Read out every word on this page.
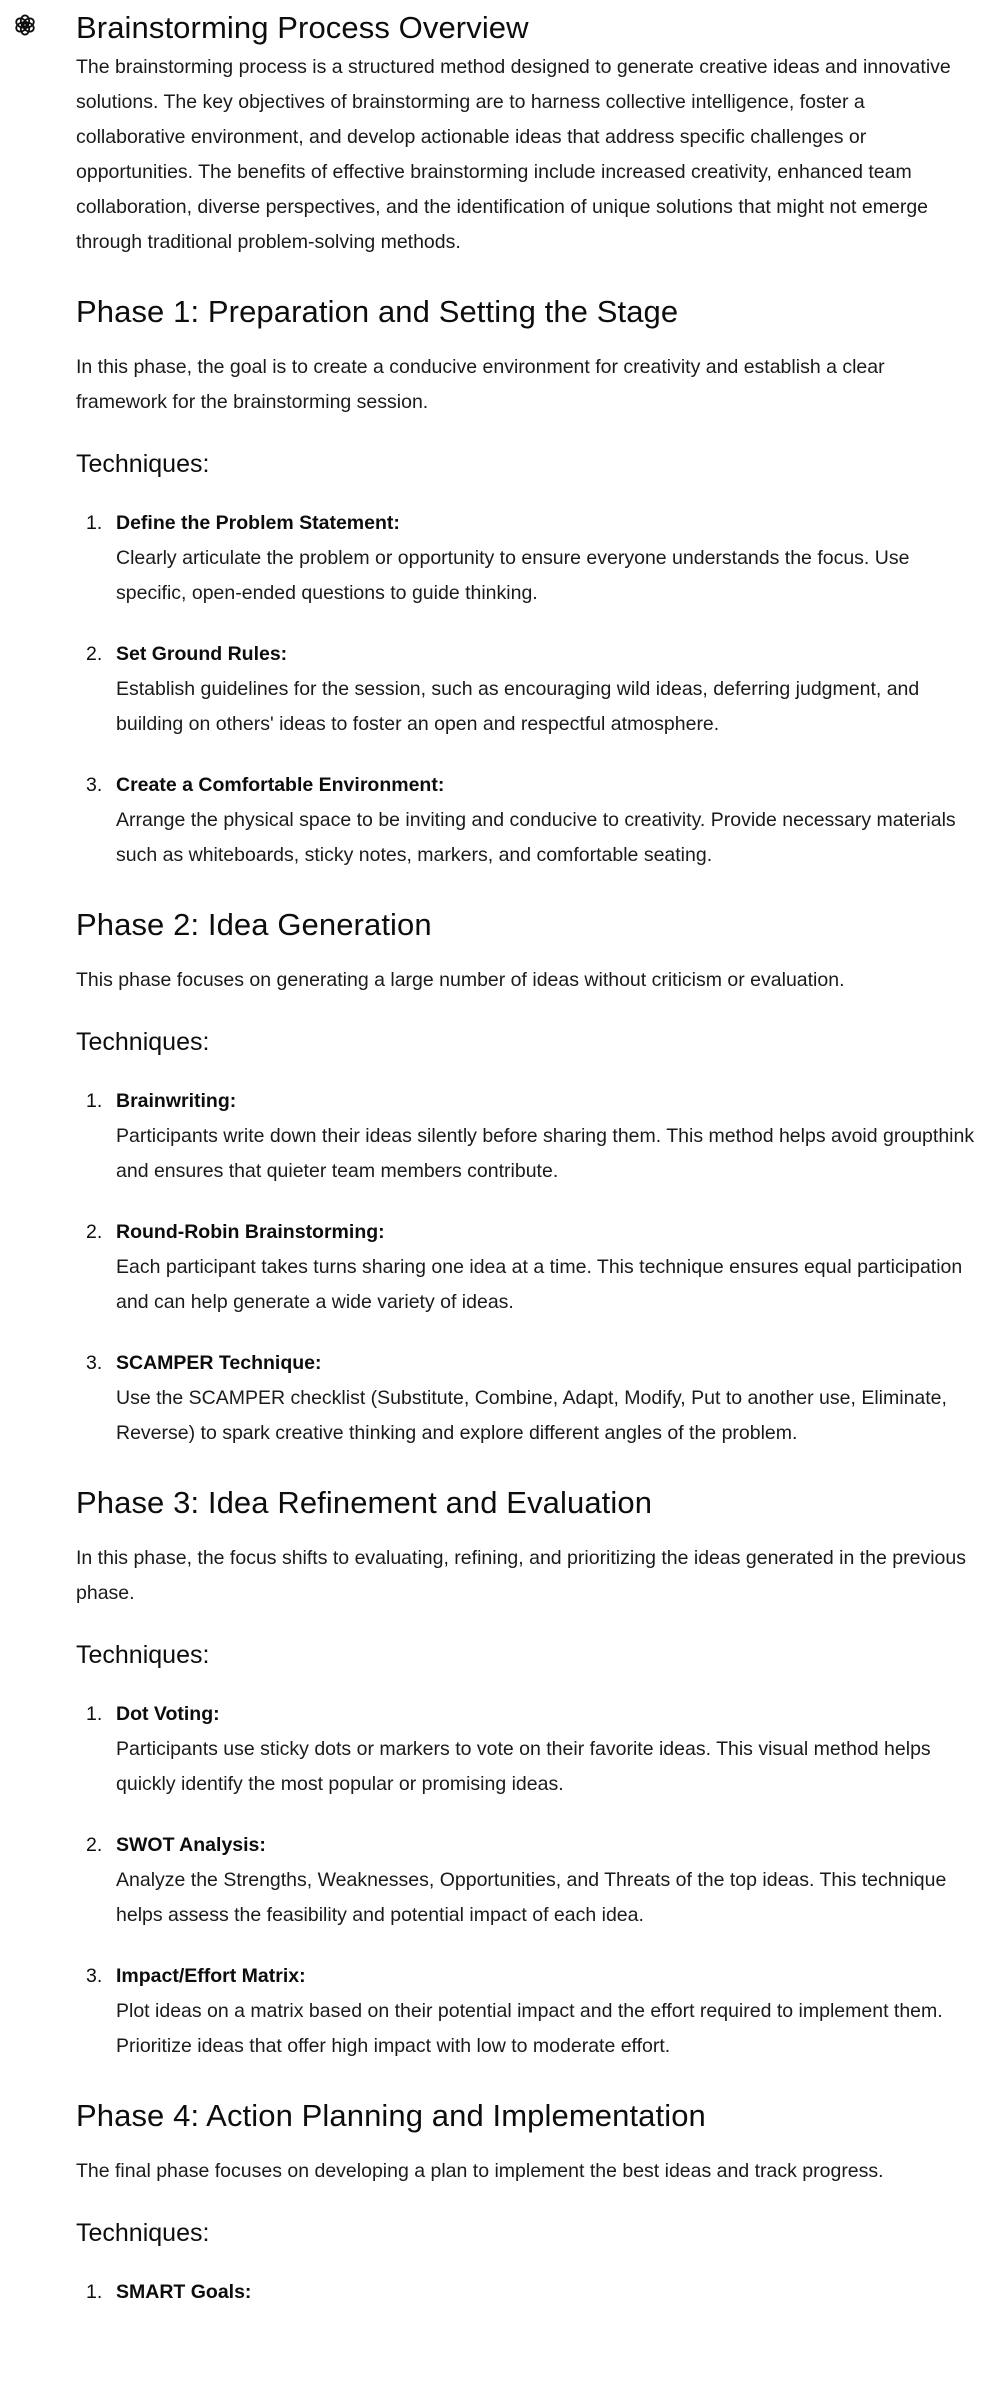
Brainstorming Process Overview

The brainstorming process is a structured method designed to generate creative ideas and innovative solutions. The key objectives of brainstorming are to harness collective intelligence, foster a collaborative environment, and develop actionable ideas that address specific challenges or opportunities. The benefits of effective brainstorming include increased creativity, enhanced team collaboration, diverse perspectives, and the identification of unique solutions that might not emerge through traditional problem-solving methods.

Phase 1: Preparation and Setting the Stage

In this phase, the goal is to create a conducive environment for creativity and establish a clear framework for the brainstorming session.

Techniques:
1. Define the Problem Statement:
Clearly articulate the problem or opportunity to ensure everyone understands the focus. Use specific, open-ended questions to guide thinking.
2. Set Ground Rules:
Establish guidelines for the session, such as encouraging wild ideas, deferring judgment, and building on others' ideas to foster an open and respectful atmosphere.
3. Create a Comfortable Environment:
Arrange the physical space to be inviting and conducive to creativity. Provide necessary materials such as whiteboards, sticky notes, markers, and comfortable seating.
Phase 2: Idea Generation

This phase focuses on generating a large number of ideas without criticism or evaluation.

Techniques:
1. Brainwriting:
Participants write down their ideas silently before sharing them. This method helps avoid groupthink and ensures that quieter team members contribute.
2. Round-Robin Brainstorming:
Each participant takes turns sharing one idea at a time. This technique ensures equal participation and can help generate a wide variety of ideas.
3. SCAMPER Technique:
Use the SCAMPER checklist (Substitute, Combine, Adapt, Modify, Put to another use, Eliminate, Reverse) to spark creative thinking and explore different angles of the problem.
Phase 3: Idea Refinement and Evaluation

In this phase, the focus shifts to evaluating, refining, and prioritizing the ideas generated in the previous phase.

Techniques:
1. Dot Voting:
Participants use sticky dots or markers to vote on their favorite ideas. This visual method helps quickly identify the most popular or promising ideas.
2. SWOT Analysis:
Analyze the Strengths, Weaknesses, Opportunities, and Threats of the top ideas. This technique helps assess the feasibility and potential impact of each idea.
3. Impact/Effort Matrix:
Plot ideas on a matrix based on their potential impact and the effort required to implement them. Prioritize ideas that offer high impact with low to moderate effort.
Phase 4: Action Planning and Implementation

The final phase focuses on developing a plan to implement the best ideas and track progress.

Techniques:
1. SMART Goals:
